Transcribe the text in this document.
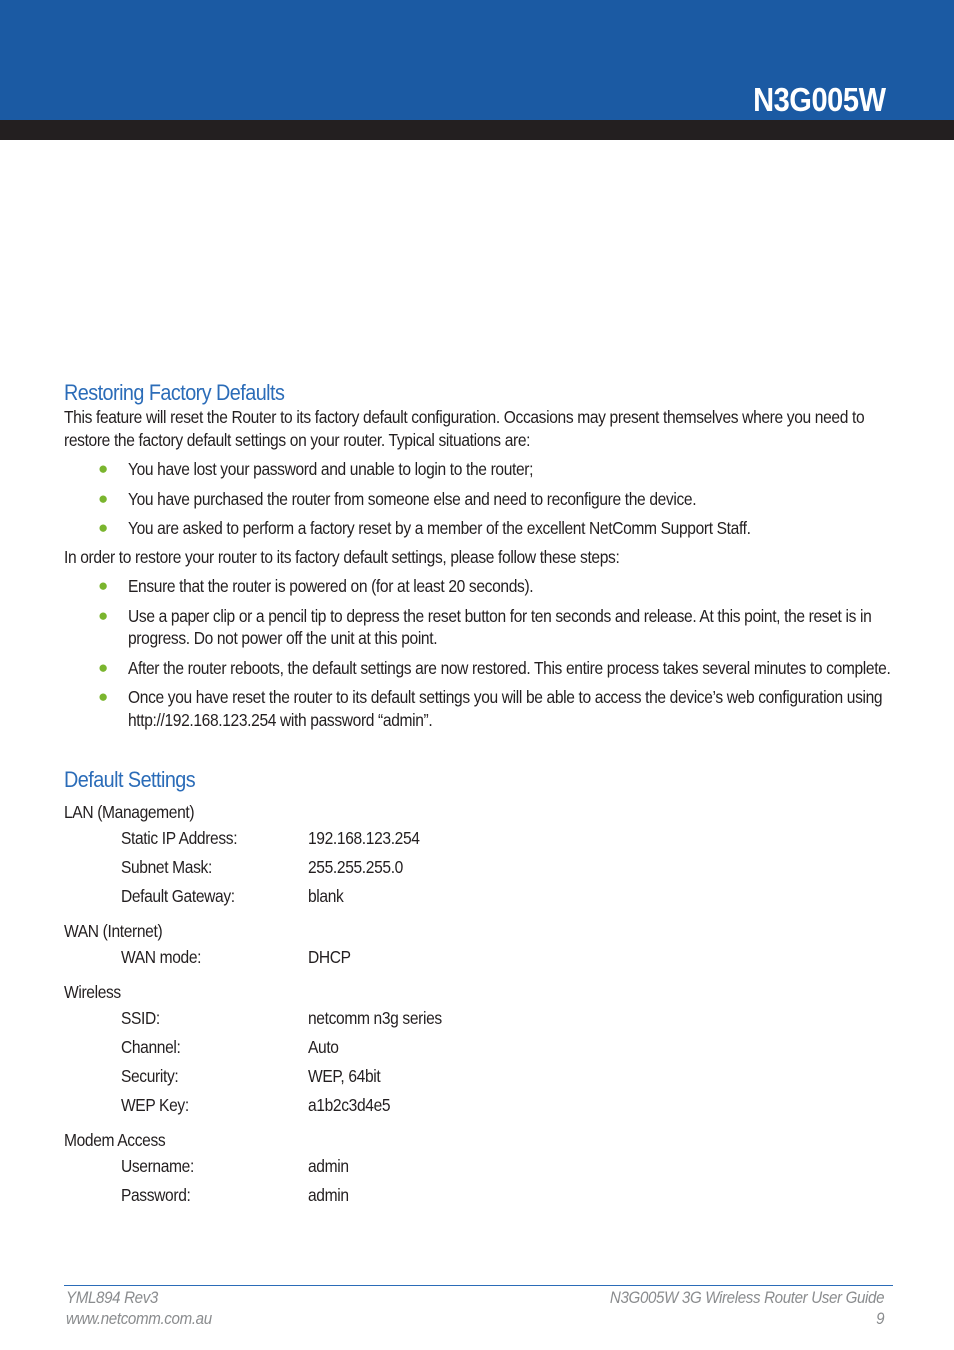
N3G005W
Restoring Factory Defaults

This feature will reset the Router to its factory default configuration. Occasions may present themselves where you need to restore the factory default settings on your router. Typical situations are:

● You have lost your password and unable to login to the router;
● You have purchased the router from someone else and need to reconfigure the device.
● You are asked to perform a factory reset by a member of the excellent NetComm Support Staff.

In order to restore your router to its factory default settings, please follow these steps:

● Ensure that the router is powered on (for at least 20 seconds).
● Use a paper clip or a pencil tip to depress the reset button for ten seconds and release. At this point, the reset is in progress. Do not power off the unit at this point.
● After the router reboots, the default settings are now restored. This entire process takes several minutes to complete.
● Once you have reset the router to its default settings you will be able to access the device’s web configuration using http://192.168.123.254 with password “admin”.
Default Settings

LAN (Management)

Static IP Address:	192.168.123.254
Subnet Mask:	255.255.255.0
Default Gateway:	blank

WAN (Internet)

WAN mode:	DHCP

Wireless

SSID:	netcomm n3g series
Channel:	Auto
Security:	WEP, 64bit
WEP Key:	a1b2c3d4e5

Modem Access

Username:	admin
Password:	admin
YML894 Rev3
www.netcomm.com.au
N3G005W 3G Wireless Router User Guide
9
